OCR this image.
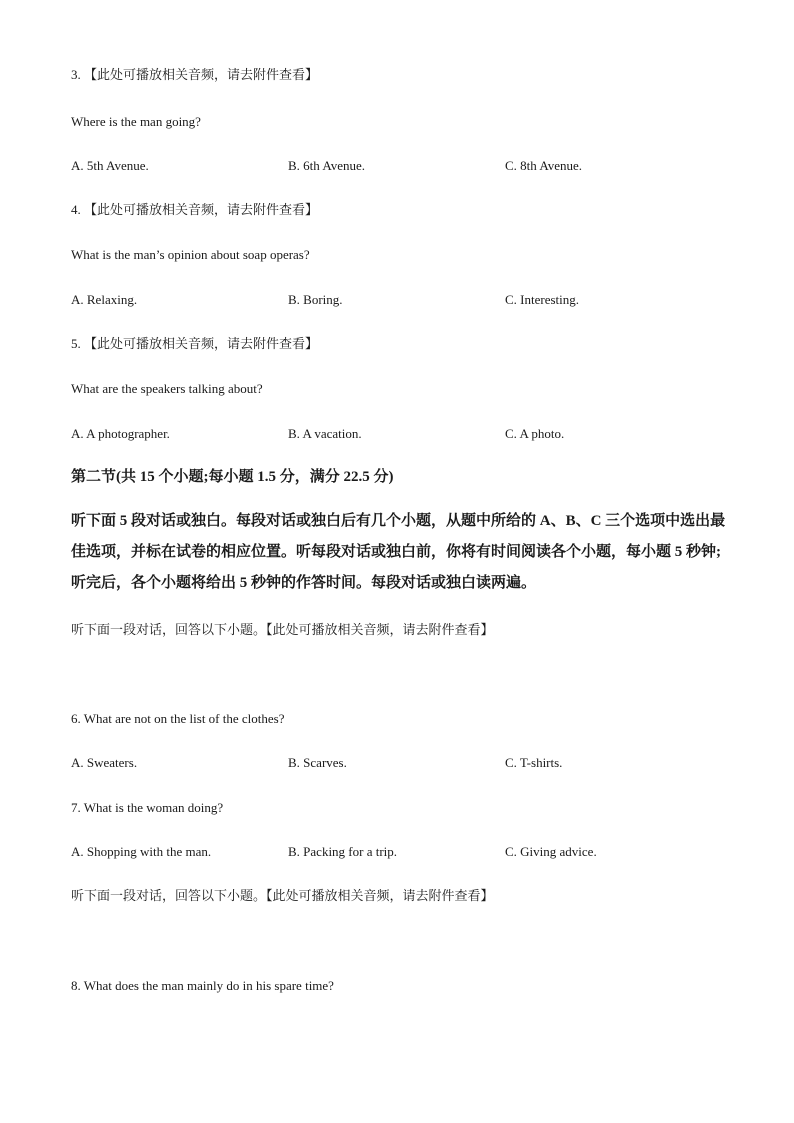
3. 【此处可播放相关音频，请去附件查看】
Where is the man going?
A. 5th Avenue.	B. 6th Avenue.	C. 8th Avenue.
4. 【此处可播放相关音频，请去附件查看】
What is the man’s opinion about soap operas?
A. Relaxing.	B. Boring.	C. Interesting.
5. 【此处可播放相关音频，请去附件查看】
What are the speakers talking about?
A. A photographer.	B. A vacation.	C. A photo.
第二节(共 15 个小题;每小题 1.5 分，满分 22.5 分)
听下面 5 段对话或独白。每段对话或独白后有几个小题，从题中所给的 A、B、C 三个选项中选出最佳选项，并标在试卷的相应位置。听每段对话或独白前，你将有时间阅读各个小题，每小题 5 秒钟;听完后，各个小题将给出 5 秒钟的作答时间。每段对话或独白读两遍。
听下面一段对话，回答以下小题。【此处可播放相关音频，请去附件查看】
6. What are not on the list of the clothes?
A. Sweaters.	B. Scarves.	C. T-shirts.
7. What is the woman doing?
A. Shopping with the man.	B. Packing for a trip.	C. Giving advice.
听下面一段对话，回答以下小题。【此处可播放相关音频，请去附件查看】
8. What does the man mainly do in his spare time?
